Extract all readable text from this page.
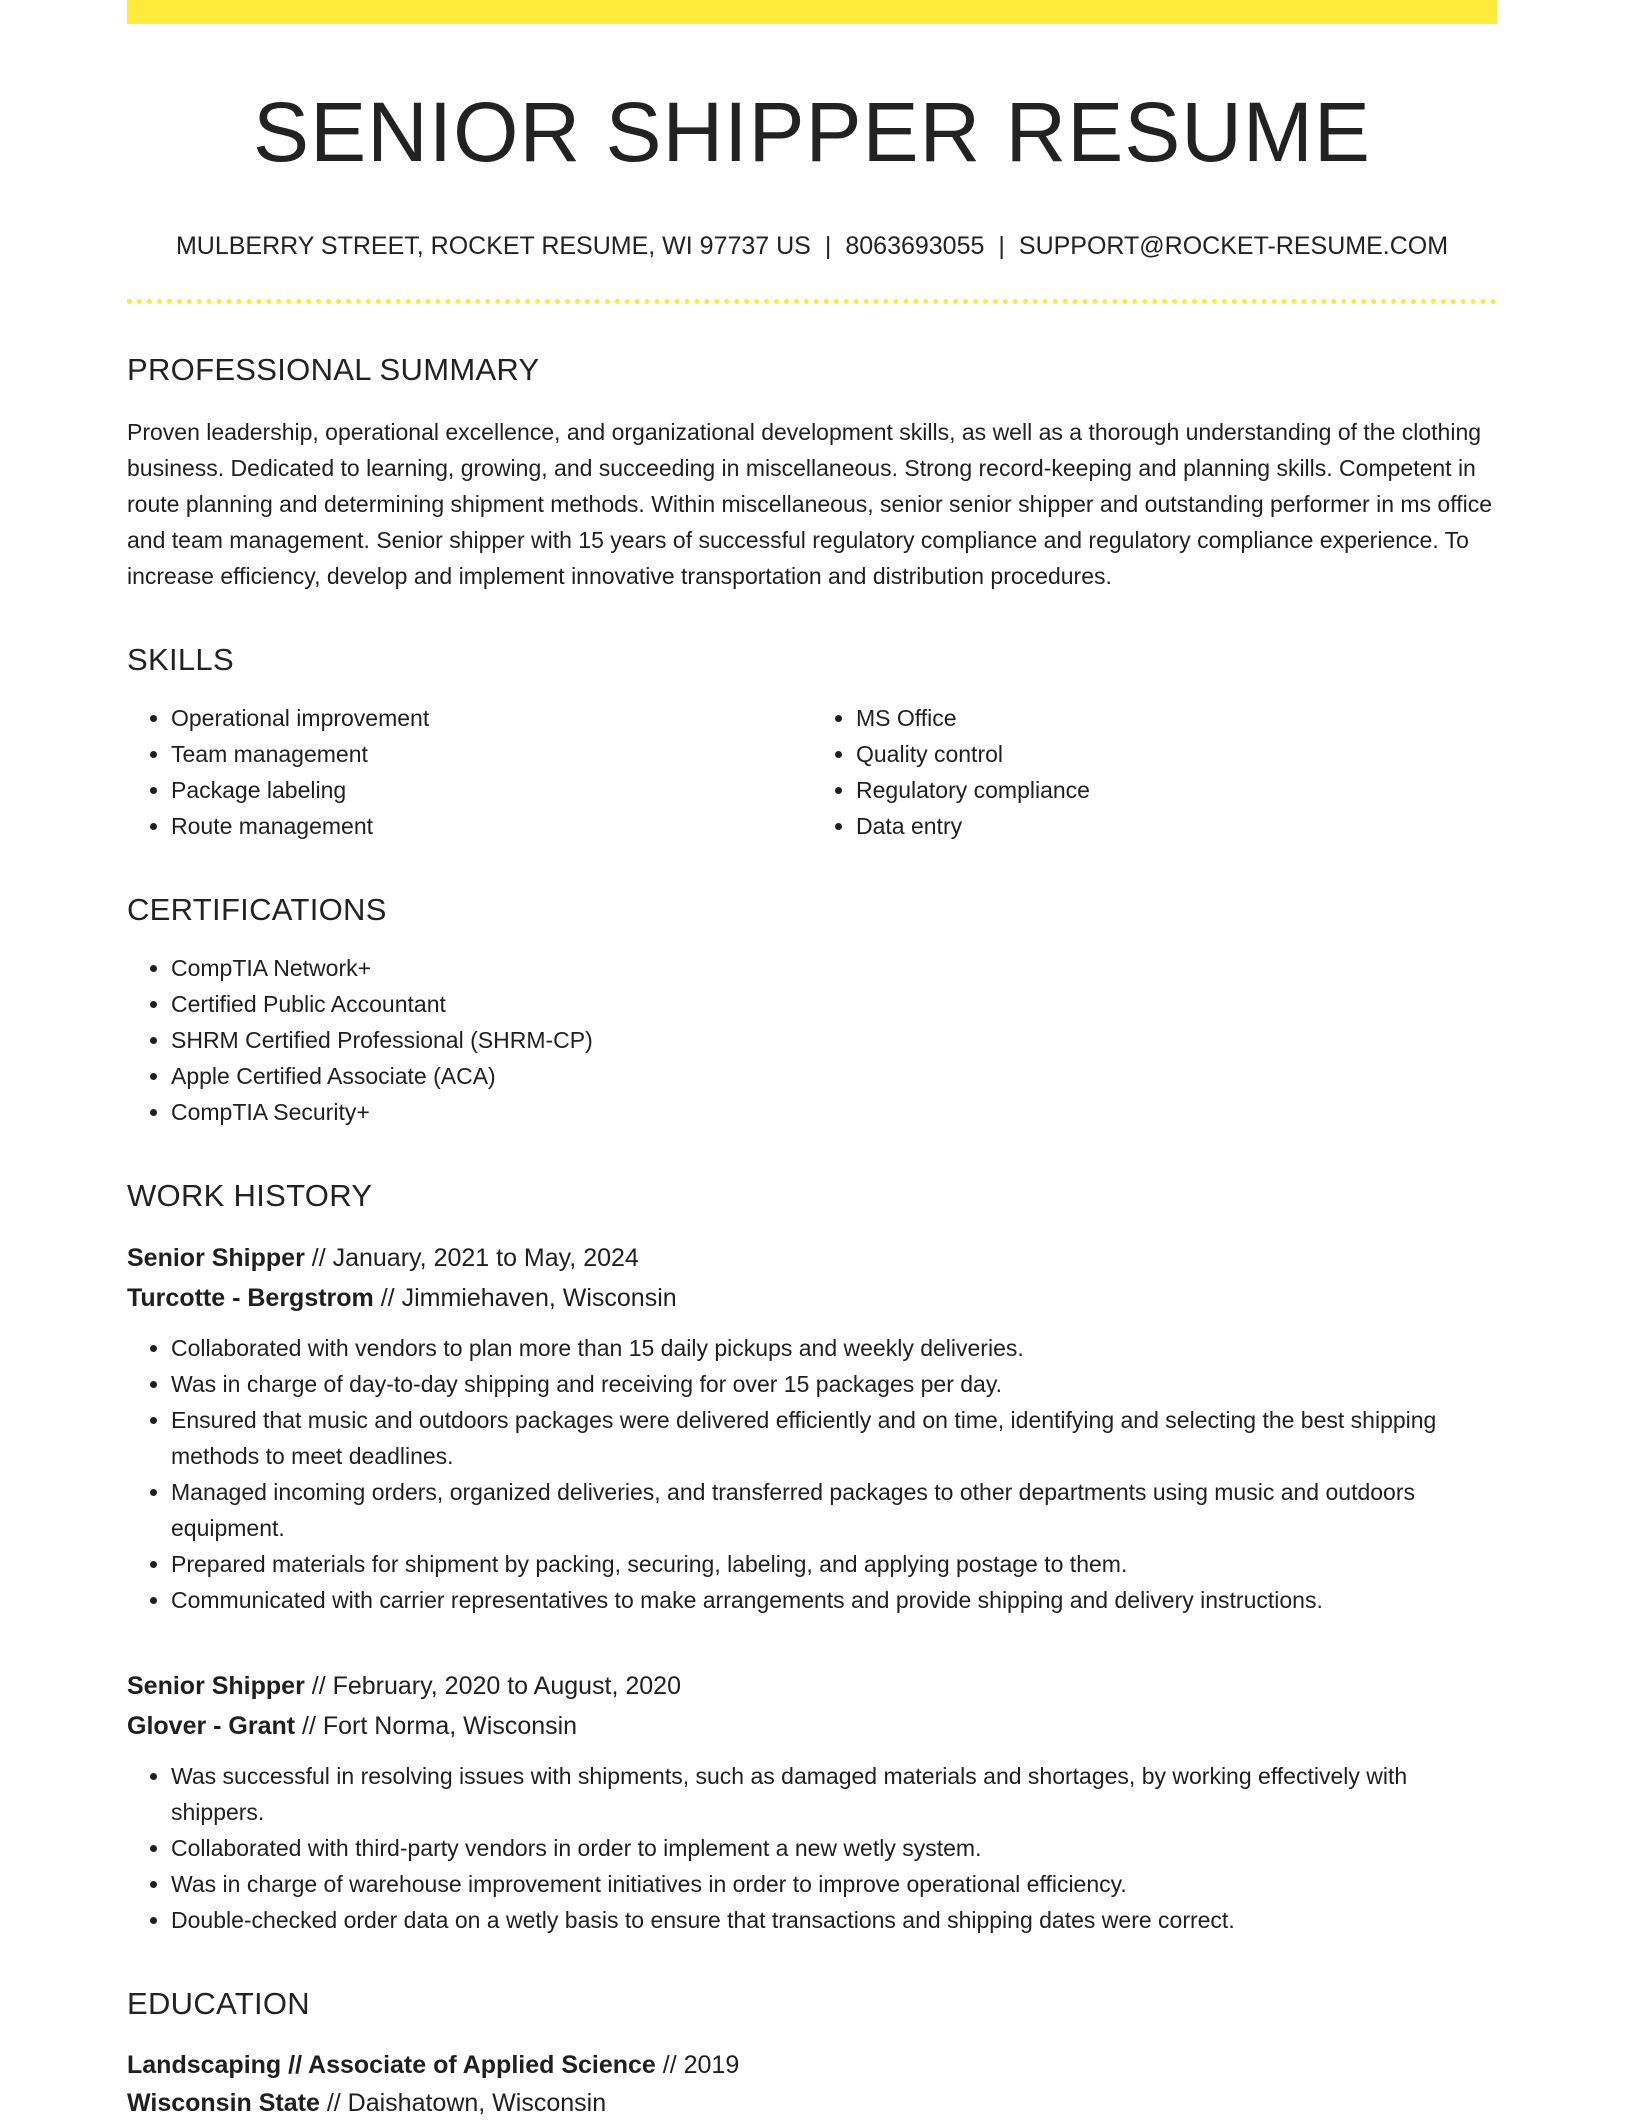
SENIOR SHIPPER RESUME
MULBERRY STREET, ROCKET RESUME, WI 97737 US | 8063693055 | SUPPORT@ROCKET-RESUME.COM
PROFESSIONAL SUMMARY
Proven leadership, operational excellence, and organizational development skills, as well as a thorough understanding of the clothing business. Dedicated to learning, growing, and succeeding in miscellaneous. Strong record-keeping and planning skills. Competent in route planning and determining shipment methods. Within miscellaneous, senior senior shipper and outstanding performer in ms office and team management. Senior shipper with 15 years of successful regulatory compliance and regulatory compliance experience. To increase efficiency, develop and implement innovative transportation and distribution procedures.
SKILLS
• Operational improvement
• Team management
• Package labeling
• Route management
• MS Office
• Quality control
• Regulatory compliance
• Data entry
CERTIFICATIONS
• CompTIA Network+
• Certified Public Accountant
• SHRM Certified Professional (SHRM-CP)
• Apple Certified Associate (ACA)
• CompTIA Security+
WORK HISTORY
Senior Shipper // January, 2021 to May, 2024
Turcotte - Bergstrom // Jimmiehaven, Wisconsin
• Collaborated with vendors to plan more than 15 daily pickups and weekly deliveries.
• Was in charge of day-to-day shipping and receiving for over 15 packages per day.
• Ensured that music and outdoors packages were delivered efficiently and on time, identifying and selecting the best shipping methods to meet deadlines.
• Managed incoming orders, organized deliveries, and transferred packages to other departments using music and outdoors equipment.
• Prepared materials for shipment by packing, securing, labeling, and applying postage to them.
• Communicated with carrier representatives to make arrangements and provide shipping and delivery instructions.
Senior Shipper // February, 2020 to August, 2020
Glover - Grant // Fort Norma, Wisconsin
• Was successful in resolving issues with shipments, such as damaged materials and shortages, by working effectively with shippers.
• Collaborated with third-party vendors in order to implement a new wetly system.
• Was in charge of warehouse improvement initiatives in order to improve operational efficiency.
• Double-checked order data on a wetly basis to ensure that transactions and shipping dates were correct.
EDUCATION
Landscaping // Associate of Applied Science // 2019
Wisconsin State // Daishatown, Wisconsin
